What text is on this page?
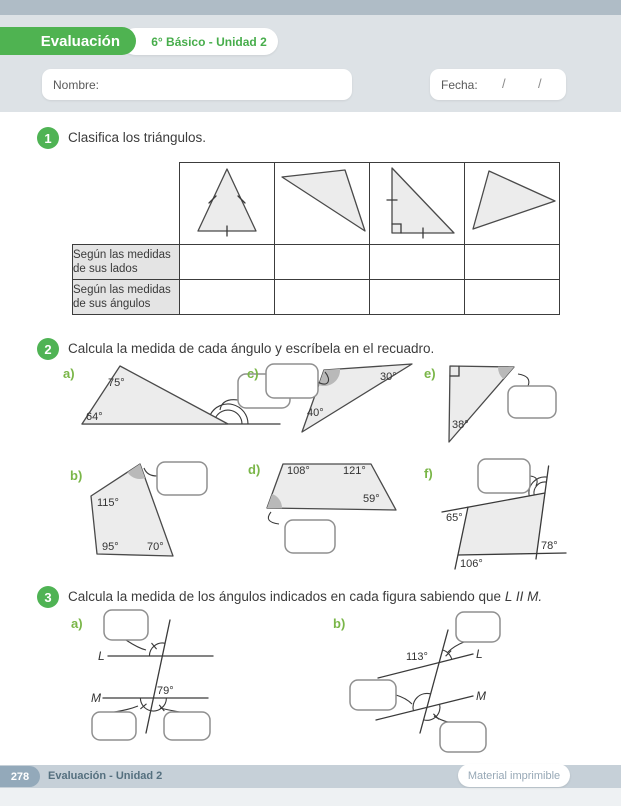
6° Básico - Unidad 2
Evaluación
Nombre:	Fecha: / /
1 Clasifica los triángulos.

Según las medidas de sus lados				
Según las medidas de sus ángulos				
2 Calcula la medida de cada ángulo y escríbela en el recuadro.
a)
75°
64°
c)	30°
40°
e)
38°
b)
115°
95°	70°
d) 108°	121°
59°
f)
65°
106°
78°
3 Calcula la medida de los ángulos indicados en cada figura sabiendo que L II M.
a)
L
M	79°
b)
L
M
113°
278 Evaluación - Unidad 2	Material imprimible
